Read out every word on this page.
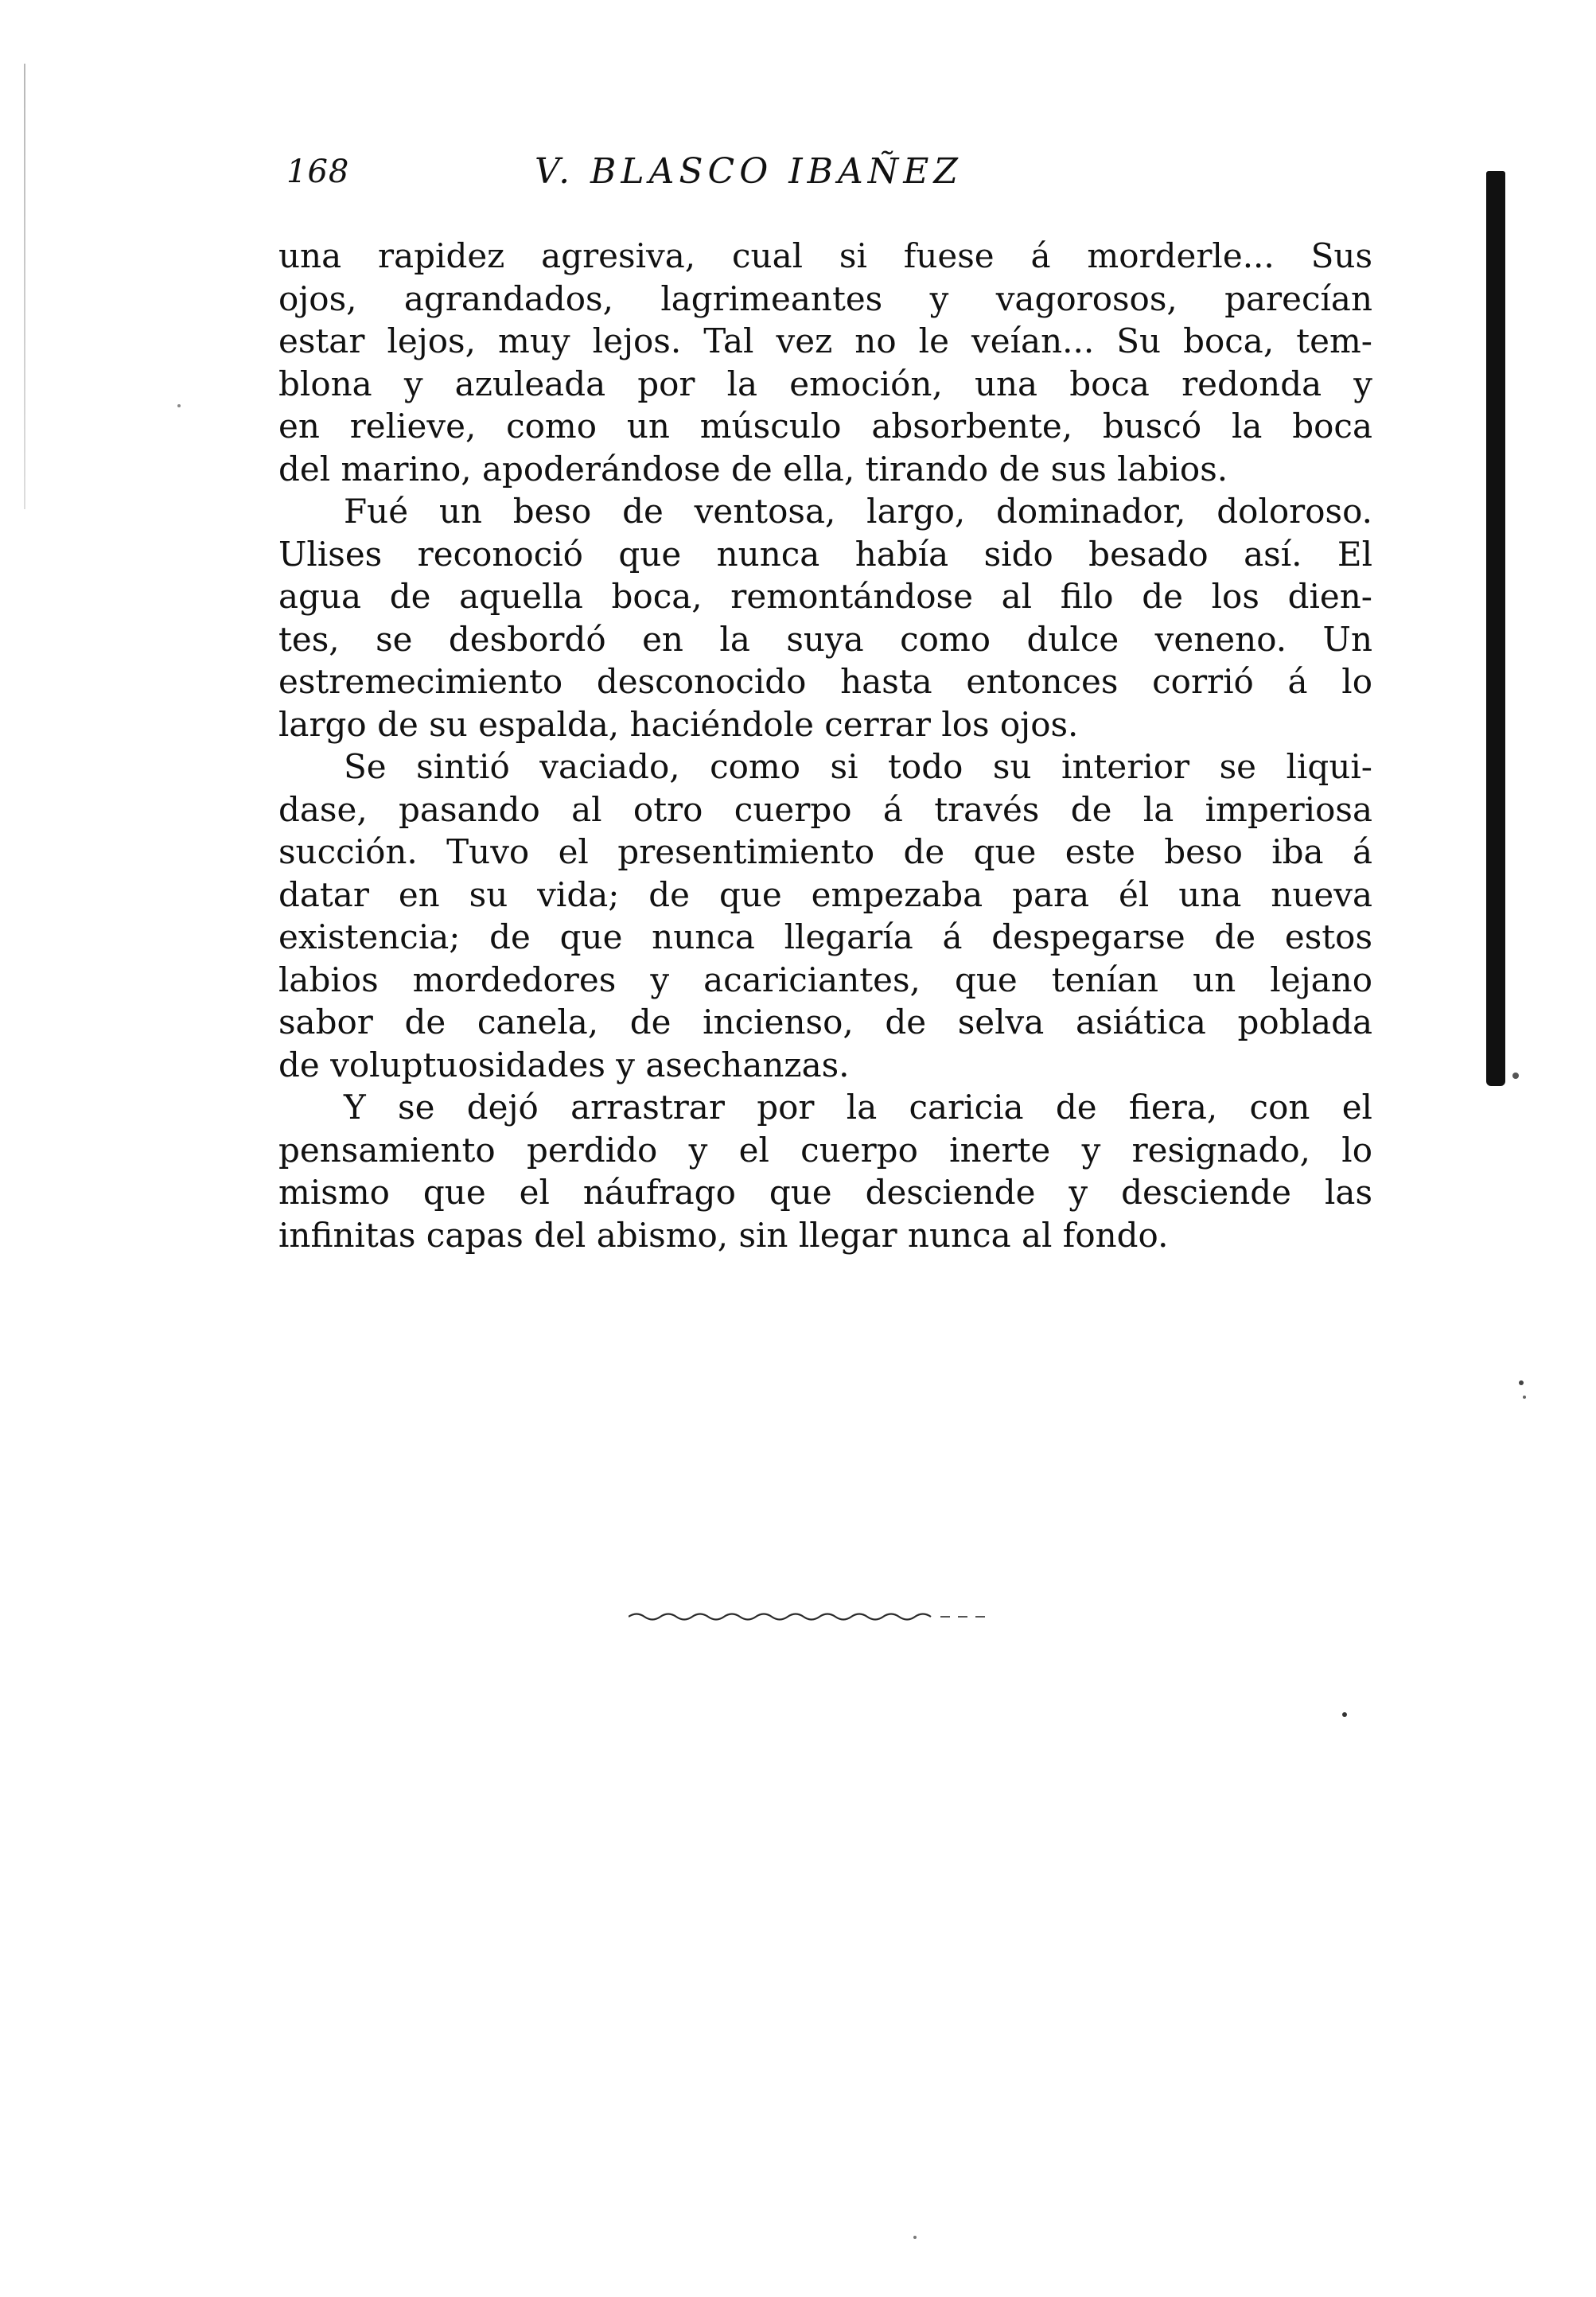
168	V. BLASCO IBAÑEZ
una rapidez agresiva, cual si fuese á morderle... Sus
ojos, agrandados, lagrimeantes y vagorosos, parecían
estar lejos, muy lejos. Tal vez no le veían... Su boca, tem-
blona y azuleada por la emoción, una boca redonda y
en relieve, como un músculo absorbente, buscó la boca
del marino, apoderándose de ella, tirando de sus labios.
Fué un beso de ventosa, largo, dominador, doloroso.
Ulises reconoció que nunca había sido besado así. El
agua de aquella boca, remontándose al filo de los dien-
tes, se desbordó en la suya como dulce veneno. Un
estremecimiento desconocido hasta entonces corrió á lo
largo de su espalda, haciéndole cerrar los ojos.
Se sintió vaciado, como si todo su interior se liqui-
dase, pasando al otro cuerpo á través de la imperiosa
succión. Tuvo el presentimiento de que este beso iba á
datar en su vida; de que empezaba para él una nueva
existencia; de que nunca llegaría á despegarse de estos
labios mordedores y acariciantes, que tenían un lejano
sabor de canela, de incienso, de selva asiática poblada
de voluptuosidades y asechanzas.
Y se dejó arrastrar por la caricia de fiera, con el
pensamiento perdido y el cuerpo inerte y resignado, lo
mismo que el náufrago que desciende y desciende las
infinitas capas del abismo, sin llegar nunca al fondo.
